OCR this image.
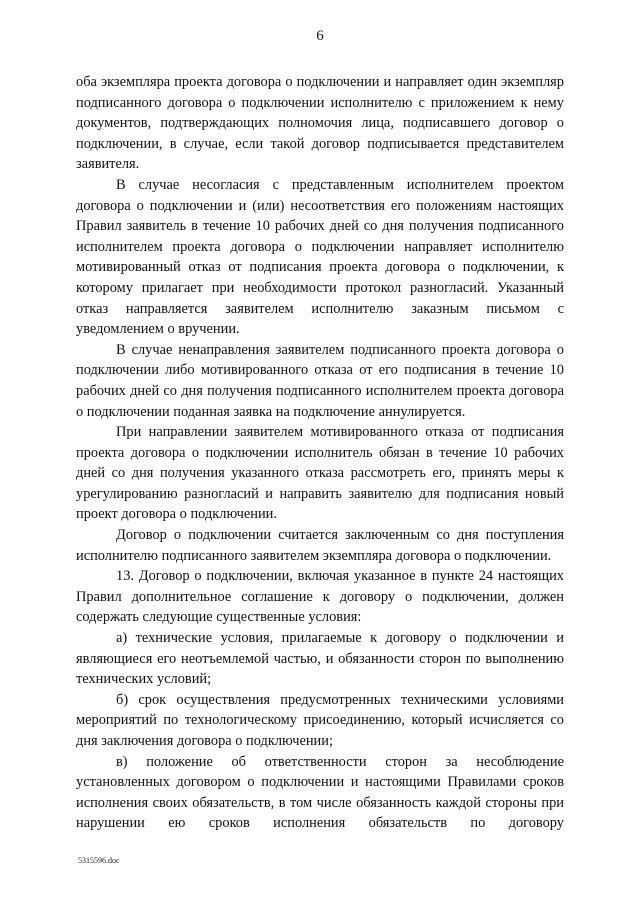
6

оба экземпляра проекта договора о подключении и направляет один экземпляр подписанного договора о подключении исполнителю с приложением к нему документов, подтверждающих полномочия лица, подписавшего договор о подключении, в случае, если такой договор подписывается представителем заявителя.

В случае несогласия с представленным исполнителем проектом договора о подключении и (или) несоответствия его положениям настоящих Правил заявитель в течение 10 рабочих дней со дня получения подписанного исполнителем проекта договора о подключении направляет исполнителю мотивированный отказ от подписания проекта договора о подключении, к которому прилагает при необходимости протокол разногласий. Указанный отказ направляется заявителем исполнителю заказным письмом с уведомлением о вручении.

В случае ненаправления заявителем подписанного проекта договора о подключении либо мотивированного отказа от его подписания в течение 10 рабочих дней со дня получения подписанного исполнителем проекта договора о подключении поданная заявка на подключение аннулируется.

При направлении заявителем мотивированного отказа от подписания проекта договора о подключении исполнитель обязан в течение 10 рабочих дней со дня получения указанного отказа рассмотреть его, принять меры к урегулированию разногласий и направить заявителю для подписания новый проект договора о подключении.

Договор о подключении считается заключенным со дня поступления исполнителю подписанного заявителем экземпляра договора о подключении.

13. Договор о подключении, включая указанное в пункте 24 настоящих Правил дополнительное соглашение к договору о подключении, должен содержать следующие существенные условия:

а) технические условия, прилагаемые к договору о подключении и являющиеся его неотъемлемой частью, и обязанности сторон по выполнению технических условий;

б) срок осуществления предусмотренных техническими условиями мероприятий по технологическому присоединению, который исчисляется со дня заключения договора о подключении;

в) положение об ответственности сторон за несоблюдение установленных договором о подключении и настоящими Правилами сроков исполнения своих обязательств, в том числе обязанность каждой стороны при нарушении ею сроков исполнения обязательств по договору

5315596.doc
